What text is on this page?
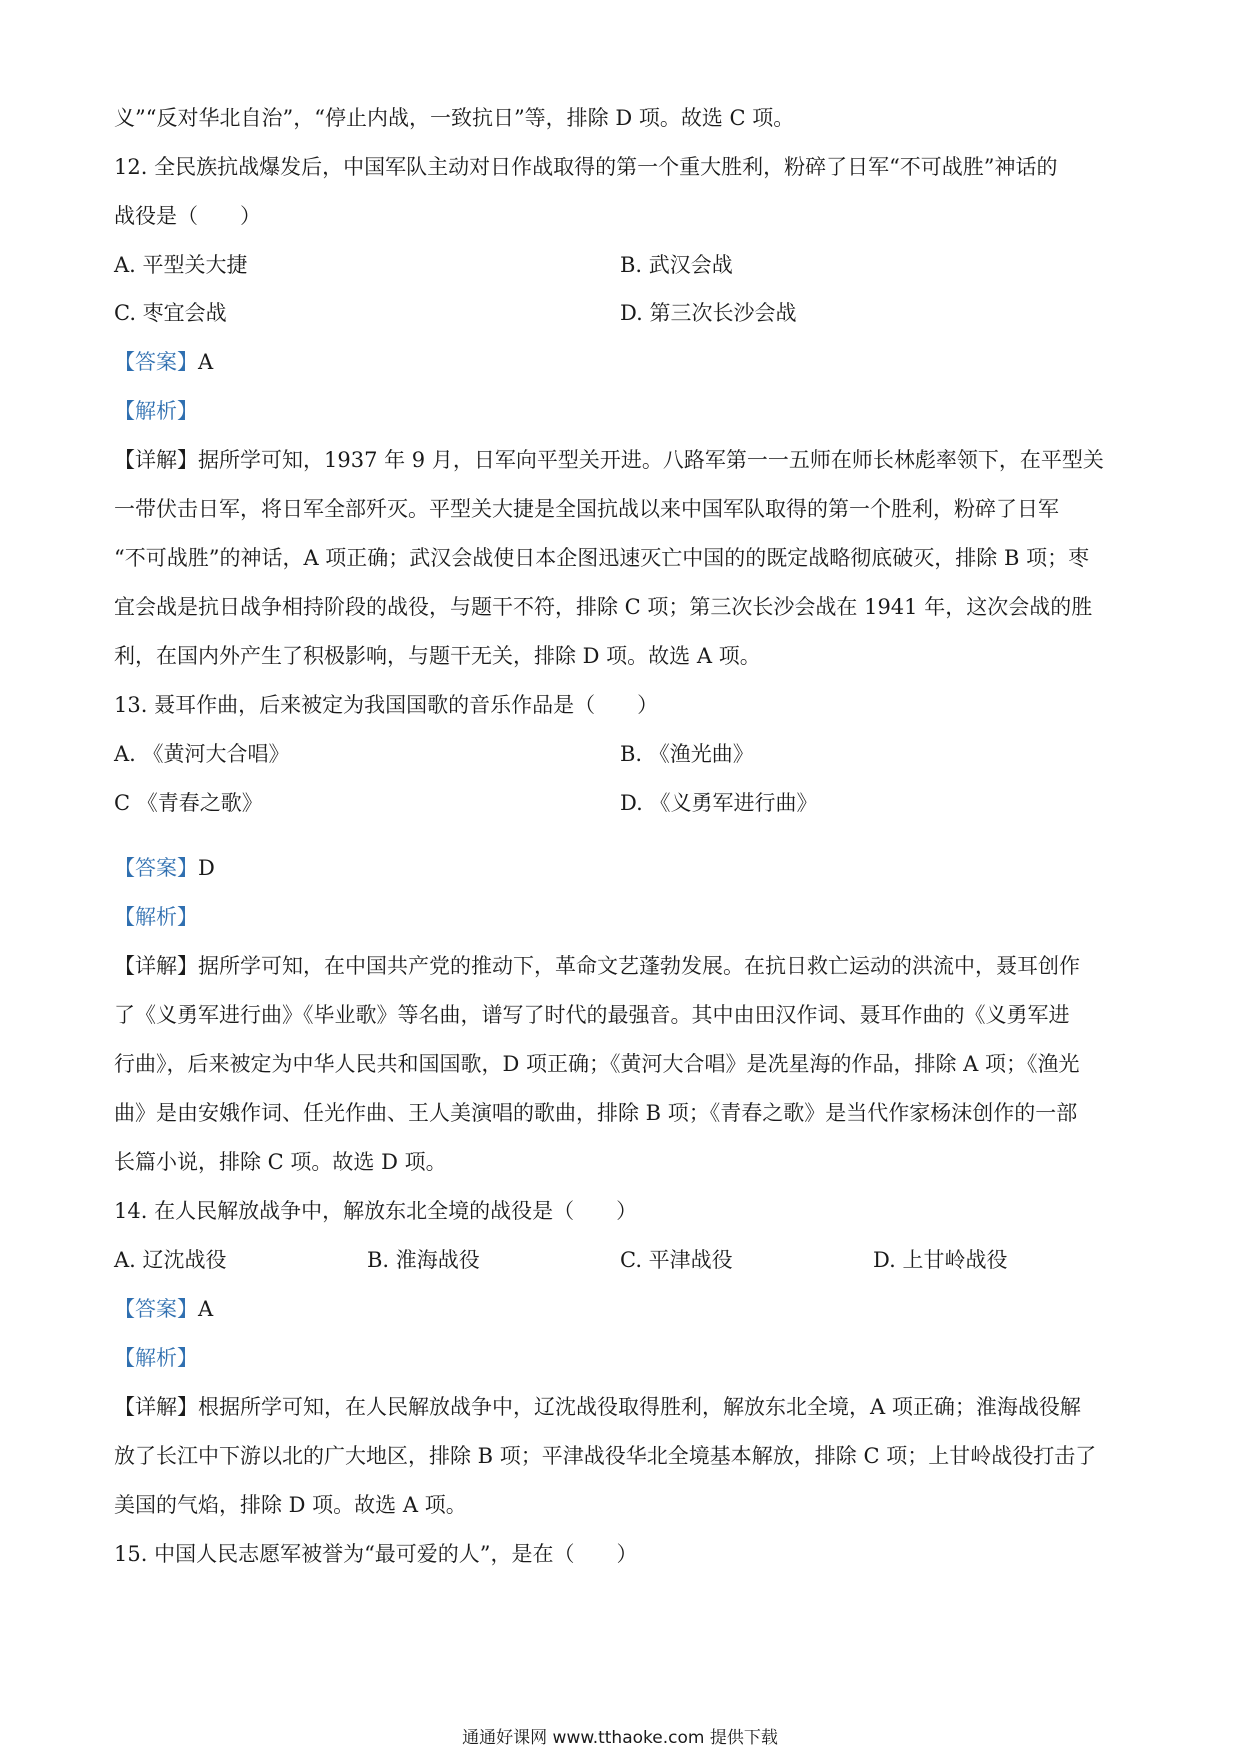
义”“反对华北自治”，“停止内战，一致抗日”等，排除 D 项。故选 C 项。
12. 全民族抗战爆发后，中国军队主动对日作战取得的第一个重大胜利，粉碎了日军“不可战胜”神话的
战役是（　　）
A. 平型关大捷	B. 武汉会战
C. 枣宜会战	D. 第三次长沙会战
【答案】A
【解析】
【详解】据所学可知，1937 年 9 月，日军向平型关开进。八路军第一一五师在师长林彪率领下，在平型关
一带伏击日军，将日军全部歼灭。平型关大捷是全国抗战以来中国军队取得的第一个胜利，粉碎了日军
“不可战胜”的神话，A 项正确；武汉会战使日本企图迅速灭亡中国的的既定战略彻底破灭，排除 B 项；枣
宜会战是抗日战争相持阶段的战役，与题干不符，排除 C 项；第三次长沙会战在 1941 年，这次会战的胜
利，在国内外产生了积极影响，与题干无关，排除 D 项。故选 A 项。
13. 聂耳作曲，后来被定为我国国歌的音乐作品是（　　）
A. 《黄河大合唱》	B. 《渔光曲》
C 《青春之歌》	D. 《义勇军进行曲》
【答案】D
【解析】
【详解】据所学可知，在中国共产党的推动下，革命文艺蓬勃发展。在抗日救亡运动的洪流中，聂耳创作
了《义勇军进行曲》《毕业歌》等名曲，谱写了时代的最强音。其中由田汉作词、聂耳作曲的《义勇军进
行曲》，后来被定为中华人民共和国国歌，D 项正确；《黄河大合唱》是冼星海的作品，排除 A 项；《渔光
曲》是由安娥作词、任光作曲、王人美演唱的歌曲，排除 B 项；《青春之歌》是当代作家杨沫创作的一部
长篇小说，排除 C 项。故选 D 项。
14. 在人民解放战争中，解放东北全境的战役是（　　）
A. 辽沈战役	B. 淮海战役	C. 平津战役	D. 上甘岭战役
【答案】A
【解析】
【详解】根据所学可知，在人民解放战争中，辽沈战役取得胜利，解放东北全境，A 项正确；淮海战役解
放了长江中下游以北的广大地区，排除 B 项；平津战役华北全境基本解放，排除 C 项；上甘岭战役打击了
美国的气焰，排除 D 项。故选 A 项。
15. 中国人民志愿军被誉为“最可爱的人”，是在（　　）
通通好课网 www.tthaoke.com 提供下载
